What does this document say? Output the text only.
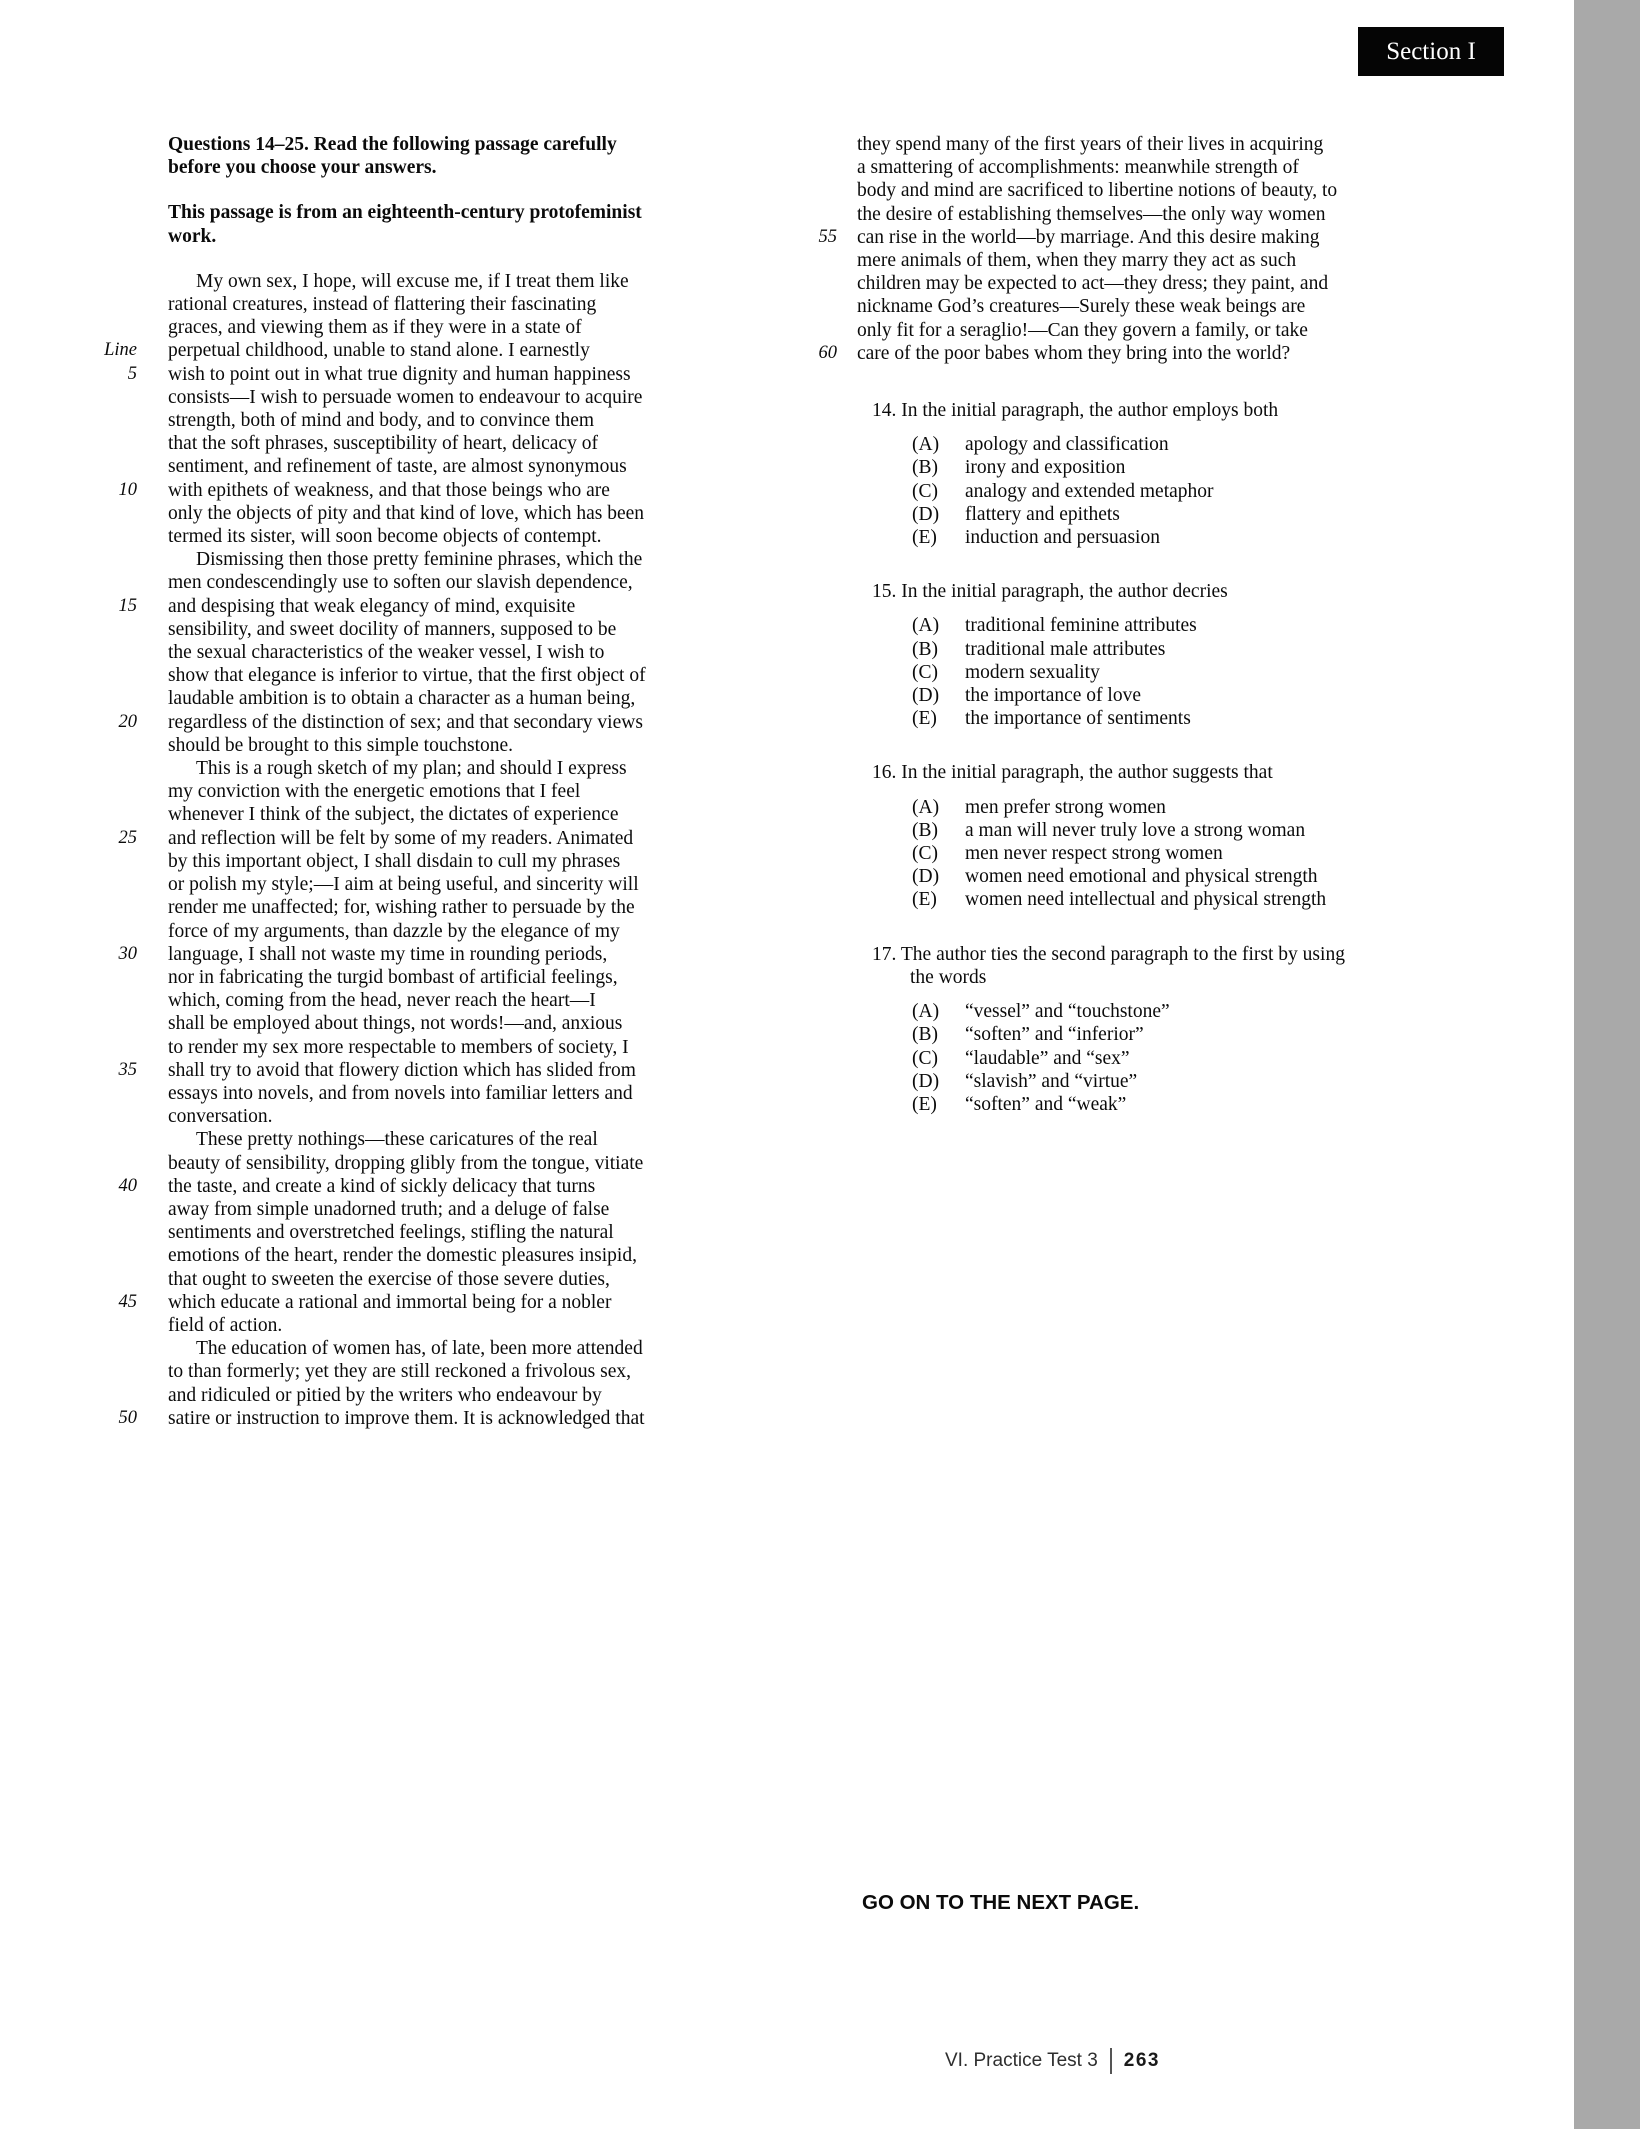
Section I
Questions 14–25. Read the following passage carefully
before you choose your answers.
This passage is from an eighteenth-century protofeminist
work.
My own sex, I hope, will excuse me, if I treat them like
rational creatures, instead of flattering their fascinating
graces, and viewing them as if they were in a state of
Line perpetual childhood, unable to stand alone. I earnestly
5 wish to point out in what true dignity and human happiness
consists—I wish to persuade women to endeavour to acquire
strength, both of mind and body, and to convince them
that the soft phrases, susceptibility of heart, delicacy of
sentiment, and refinement of taste, are almost synonymous
10 with epithets of weakness, and that those beings who are
only the objects of pity and that kind of love, which has been
termed its sister, will soon become objects of contempt.
Dismissing then those pretty feminine phrases, which the
men condescendingly use to soften our slavish dependence,
15 and despising that weak elegancy of mind, exquisite
sensibility, and sweet docility of manners, supposed to be
the sexual characteristics of the weaker vessel, I wish to
show that elegance is inferior to virtue, that the first object of
laudable ambition is to obtain a character as a human being,
20 regardless of the distinction of sex; and that secondary views
should be brought to this simple touchstone.
This is a rough sketch of my plan; and should I express
my conviction with the energetic emotions that I feel
whenever I think of the subject, the dictates of experience
25 and reflection will be felt by some of my readers. Animated
by this important object, I shall disdain to cull my phrases
or polish my style;—I aim at being useful, and sincerity will
render me unaffected; for, wishing rather to persuade by the
force of my arguments, than dazzle by the elegance of my
30 language, I shall not waste my time in rounding periods,
nor in fabricating the turgid bombast of artificial feelings,
which, coming from the head, never reach the heart—I
shall be employed about things, not words!—and, anxious
to render my sex more respectable to members of society, I
35 shall try to avoid that flowery diction which has slided from
essays into novels, and from novels into familiar letters and
conversation.
These pretty nothings—these caricatures of the real
beauty of sensibility, dropping glibly from the tongue, vitiate
40 the taste, and create a kind of sickly delicacy that turns
away from simple unadorned truth; and a deluge of false
sentiments and overstretched feelings, stifling the natural
emotions of the heart, render the domestic pleasures insipid,
that ought to sweeten the exercise of those severe duties,
45 which educate a rational and immortal being for a nobler
field of action.
The education of women has, of late, been more attended
to than formerly; yet they are still reckoned a frivolous sex,
and ridiculed or pitied by the writers who endeavour by
50 satire or instruction to improve them. It is acknowledged that
they spend many of the first years of their lives in acquiring
a smattering of accomplishments: meanwhile strength of
body and mind are sacrificed to libertine notions of beauty, to
the desire of establishing themselves—the only way women
55 can rise in the world—by marriage. And this desire making
mere animals of them, when they marry they act as such
children may be expected to act—they dress; they paint, and
nickname God’s creatures—Surely these weak beings are
only fit for a seraglio!—Can they govern a family, or take
60 care of the poor babes whom they bring into the world?
14. In the initial paragraph, the author employs both
(A)	apology and classification
(B)	irony and exposition
(C)	analogy and extended metaphor
(D)	flattery and epithets
(E)	induction and persuasion
15. In the initial paragraph, the author decries
(A)	traditional feminine attributes
(B)	traditional male attributes
(C)	modern sexuality
(D)	the importance of love
(E)	the importance of sentiments
16. In the initial paragraph, the author suggests that
(A)	men prefer strong women
(B)	a man will never truly love a strong woman
(C)	men never respect strong women
(D)	women need emotional and physical strength
(E)	women need intellectual and physical strength
17. The author ties the second paragraph to the first by using
the words
(A)	“vessel” and “touchstone”
(B)	“soften” and “inferior”
(C)	“laudable” and “sex”
(D)	“slavish” and “virtue”
(E)	“soften” and “weak”
GO ON TO THE NEXT PAGE.
VI. Practice Test 3 263
